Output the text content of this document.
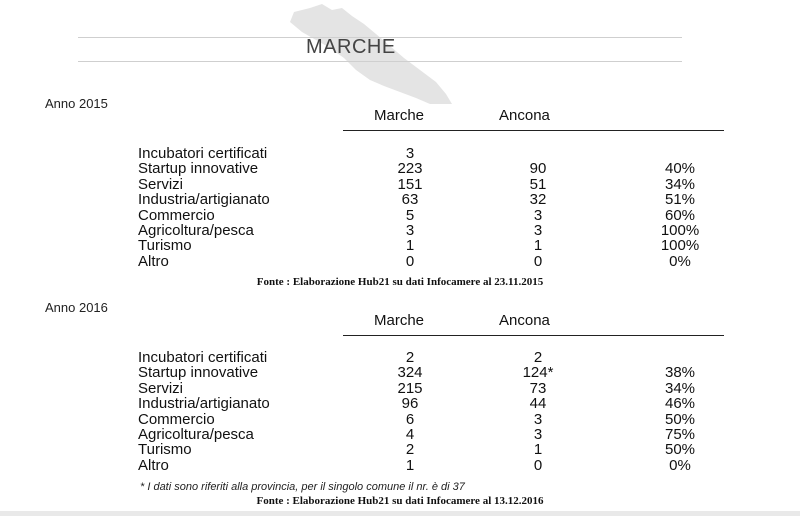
MARCHE
Anno 2015
Marche	Ancona
Incubatori certificati	3
Startup innovative	223	90	40%
Servizi	151	51	34%
Industria/artigianato	63	32	51%
Commercio	5	3	60%
Agricoltura/pesca	3	3	100%
Turismo	1	1	100%
Altro	0	0	0%
Fonte : Elaborazione Hub21 su dati Infocamere al 23.11.2015
Anno 2016
Marche	Ancona
Incubatori certificati	2	2
Startup innovative	324	124*	38%
Servizi	215	73	34%
Industria/artigianato	96	44	46%
Commercio	6	3	50%
Agricoltura/pesca	4	3	75%
Turismo	2	1	50%
Altro	1	0	0%
* I dati sono riferiti alla provincia, per il singolo comune il nr. è di 37
Fonte : Elaborazione Hub21 su dati Infocamere al 13.12.2016
